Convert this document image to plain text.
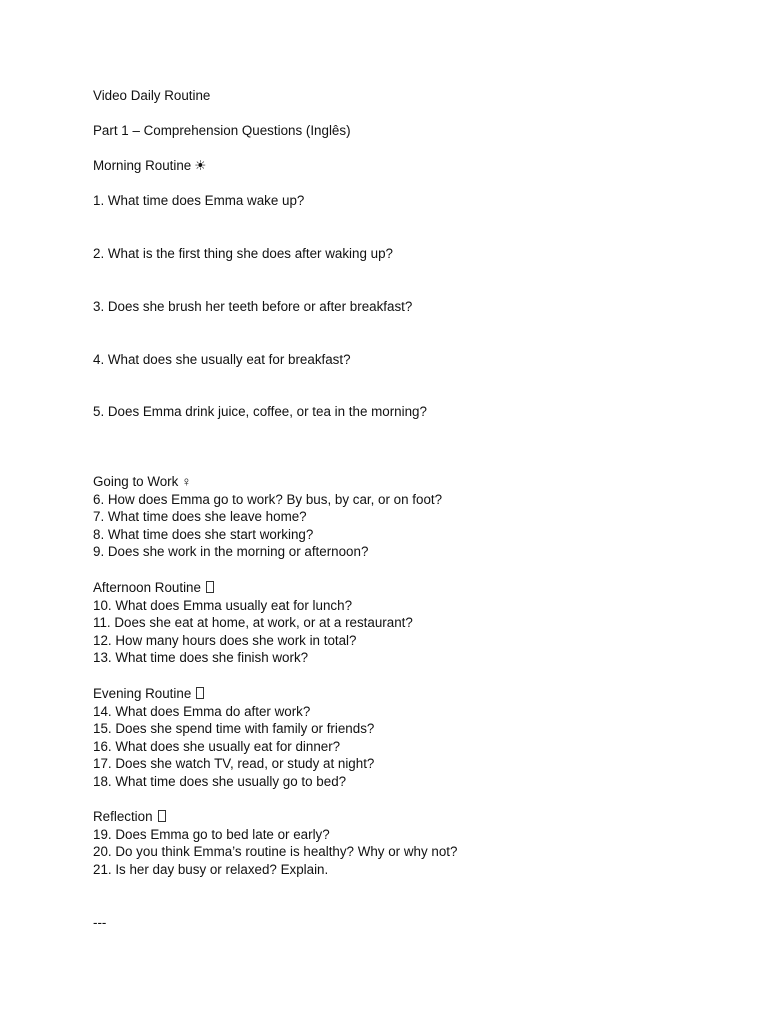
Video Daily Routine
Part 1 – Comprehension Questions (Inglês)
Morning Routine ☀
1. What time does Emma wake up?
2. What is the first thing she does after waking up?
3. Does she brush her teeth before or after breakfast?
4. What does she usually eat for breakfast?
5. Does Emma drink juice, coffee, or tea in the morning?
Going to Work ♀
6. How does Emma go to work? By bus, by car, or on foot?
7. What time does she leave home?
8. What time does she start working?
9. Does she work in the morning or afternoon?
Afternoon Routine
10. What does Emma usually eat for lunch?
11. Does she eat at home, at work, or at a restaurant?
12. How many hours does she work in total?
13. What time does she finish work?
Evening Routine
14. What does Emma do after work?
15. Does she spend time with family or friends?
16. What does she usually eat for dinner?
17. Does she watch TV, read, or study at night?
18. What time does she usually go to bed?
Reflection
19. Does Emma go to bed late or early?
20. Do you think Emma’s routine is healthy? Why or why not?
21. Is her day busy or relaxed? Explain.
---
